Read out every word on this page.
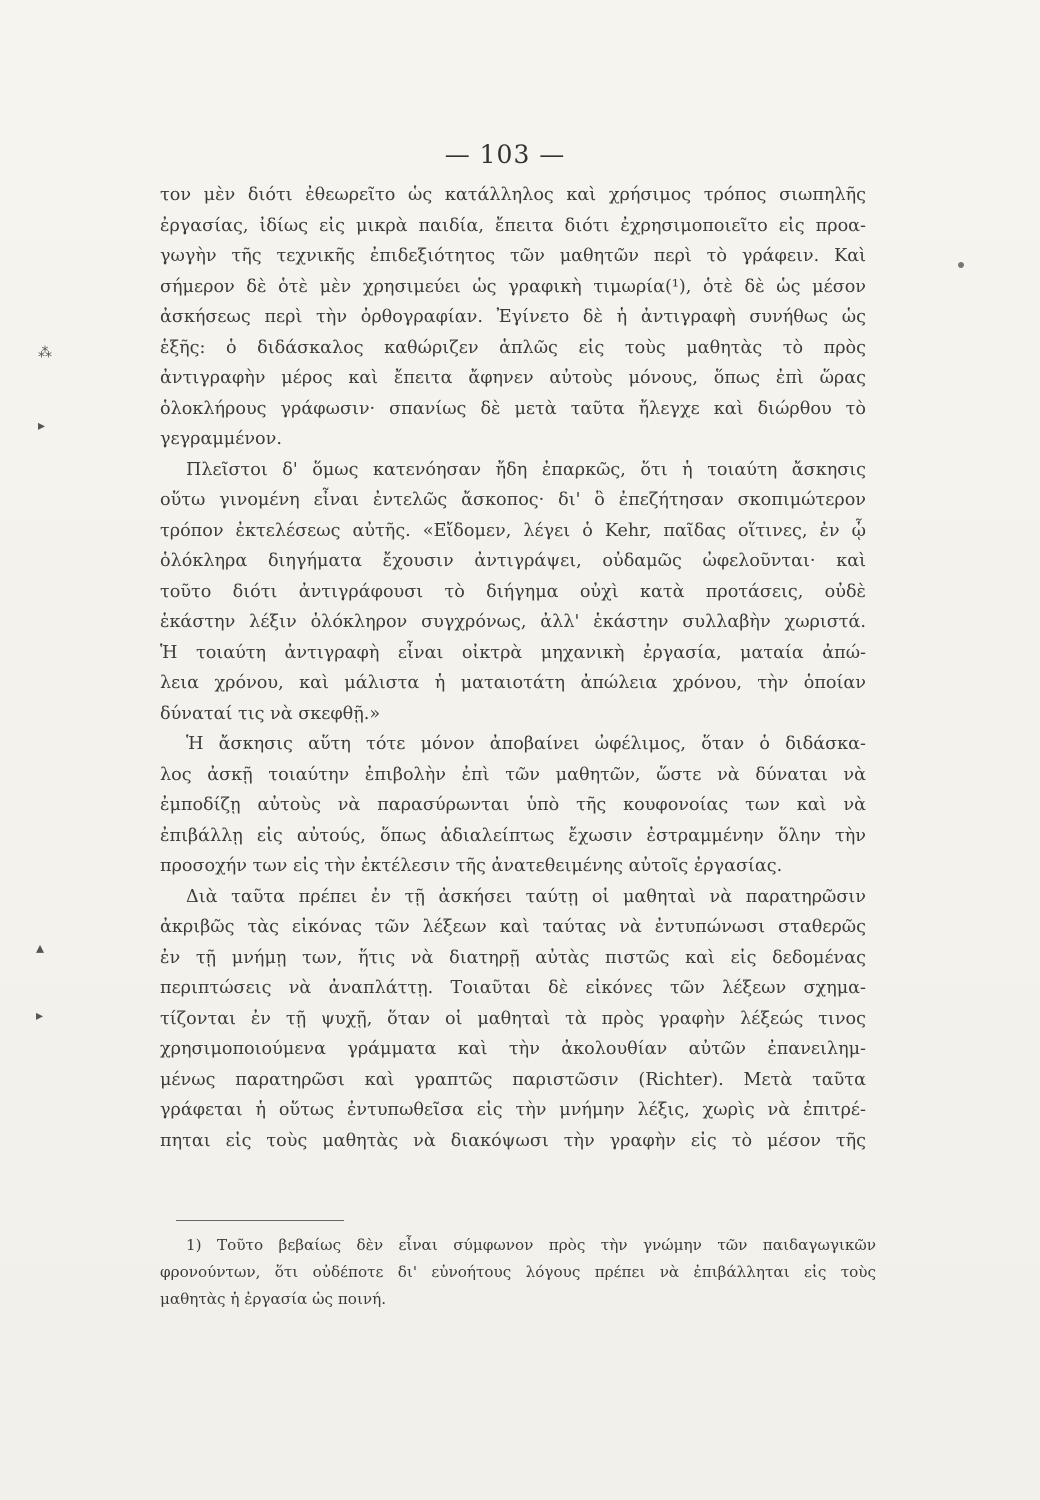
— 103 —
τον μὲν διότι ἐθεωρεῖτο ὡς κατάλληλος καὶ χρήσιμος τρόπος σιωπηλῆς
ἐργασίας, ἰδίως εἰς μικρὰ παιδία, ἔπειτα διότι ἐχρησιμοποιεῖτο εἰς προα-
γωγὴν τῆς τεχνικῆς ἐπιδεξιότητος τῶν μαθητῶν περὶ τὸ γράφειν. Καὶ
σήμερον δὲ ὁτὲ μὲν χρησιμεύει ὡς γραφικὴ τιμωρία(¹), ὁτὲ δὲ ὡς μέσον
ἀσκήσεως περὶ τὴν ὀρθογραφίαν. Ἐγίνετο δὲ ἡ ἀντιγραφὴ συνήθως ὡς
ἑξῆς: ὁ διδάσκαλος καθώριζεν ἁπλῶς εἰς τοὺς μαθητὰς τὸ πρὸς
ἀντιγραφὴν μέρος καὶ ἔπειτα ἄφηνεν αὐτοὺς μόνους, ὅπως ἐπὶ ὥρας
ὁλοκλήρους γράφωσιν· σπανίως δὲ μετὰ ταῦτα ἤλεγχε καὶ διώρθου τὸ
γεγραμμένον.
Πλεῖστοι δ' ὅμως κατενόησαν ἤδη ἐπαρκῶς, ὅτι ἡ τοιαύτη ἄσκησις
οὕτω γινομένη εἶναι ἐντελῶς ἄσκοπος· δι' ὃ ἐπεζήτησαν σκοπιμώτερον
τρόπον ἐκτελέσεως αὐτῆς. «Εἴδομεν, λέγει ὁ Kehr, παῖδας οἵτινες, ἐν ᾧ
ὁλόκληρα διηγήματα ἔχουσιν ἀντιγράψει, οὐδαμῶς ὠφελοῦνται· καὶ
τοῦτο διότι ἀντιγράφουσι τὸ διήγημα οὐχὶ κατὰ προτάσεις, οὐδὲ
ἑκάστην λέξιν ὁλόκληρον συγχρόνως, ἀλλ' ἑκάστην συλλαβὴν χωριστά.
Ἡ τοιαύτη ἀντιγραφὴ εἶναι οἰκτρὰ μηχανικὴ ἐργασία, ματαία ἀπώ-
λεια χρόνου, καὶ μάλιστα ἡ ματαιοτάτη ἀπώλεια χρόνου, τὴν ὁποίαν
δύναταί τις νὰ σκεφθῇ.»
Ἡ ἄσκησις αὕτη τότε μόνον ἀποβαίνει ὠφέλιμος, ὅταν ὁ διδάσκα-
λος ἀσκῇ τοιαύτην ἐπιβολὴν ἐπὶ τῶν μαθητῶν, ὥστε νὰ δύναται νὰ
ἐμποδίζῃ αὐτοὺς νὰ παρασύρωνται ὑπὸ τῆς κουφονοίας των καὶ νὰ
ἐπιβάλλῃ εἰς αὐτούς, ὅπως ἀδιαλείπτως ἔχωσιν ἐστραμμένην ὅλην τὴν
προσοχήν των εἰς τὴν ἐκτέλεσιν τῆς ἀνατεθειμένης αὐτοῖς ἐργασίας.
Διὰ ταῦτα πρέπει ἐν τῇ ἀσκήσει ταύτῃ οἱ μαθηταὶ νὰ παρατηρῶσιν
ἀκριβῶς τὰς εἰκόνας τῶν λέξεων καὶ ταύτας νὰ ἐντυπώνωσι σταθερῶς
ἐν τῇ μνήμῃ των, ἥτις νὰ διατηρῇ αὐτὰς πιστῶς καὶ εἰς δεδομένας
περιπτώσεις νὰ ἀναπλάττῃ. Τοιαῦται δὲ εἰκόνες τῶν λέξεων σχημα-
τίζονται ἐν τῇ ψυχῇ, ὅταν οἱ μαθηταὶ τὰ πρὸς γραφὴν λέξεώς τινος
χρησιμοποιούμενα γράμματα καὶ τὴν ἀκολουθίαν αὐτῶν ἐπανειλημ-
μένως παρατηρῶσι καὶ γραπτῶς παριστῶσιν (Richter). Μετὰ ταῦτα
γράφεται ἡ οὕτως ἐντυπωθεῖσα εἰς τὴν μνήμην λέξις, χωρὶς νὰ ἐπιτρέ-
πηται εἰς τοὺς μαθητὰς νὰ διακόψωσι τὴν γραφὴν εἰς τὸ μέσον τῆς
1) Τοῦτο βεβαίως δὲν εἶναι σύμφωνον πρὸς τὴν γνώμην τῶν παιδαγωγικῶν
φρονούντων, ὅτι οὐδέποτε δι' εὐνοήτους λόγους πρέπει νὰ ἐπιβάλληται εἰς τοὺς
μαθητὰς ἡ ἐργασία ὡς ποινή.
⁂
▸
▴
▸
